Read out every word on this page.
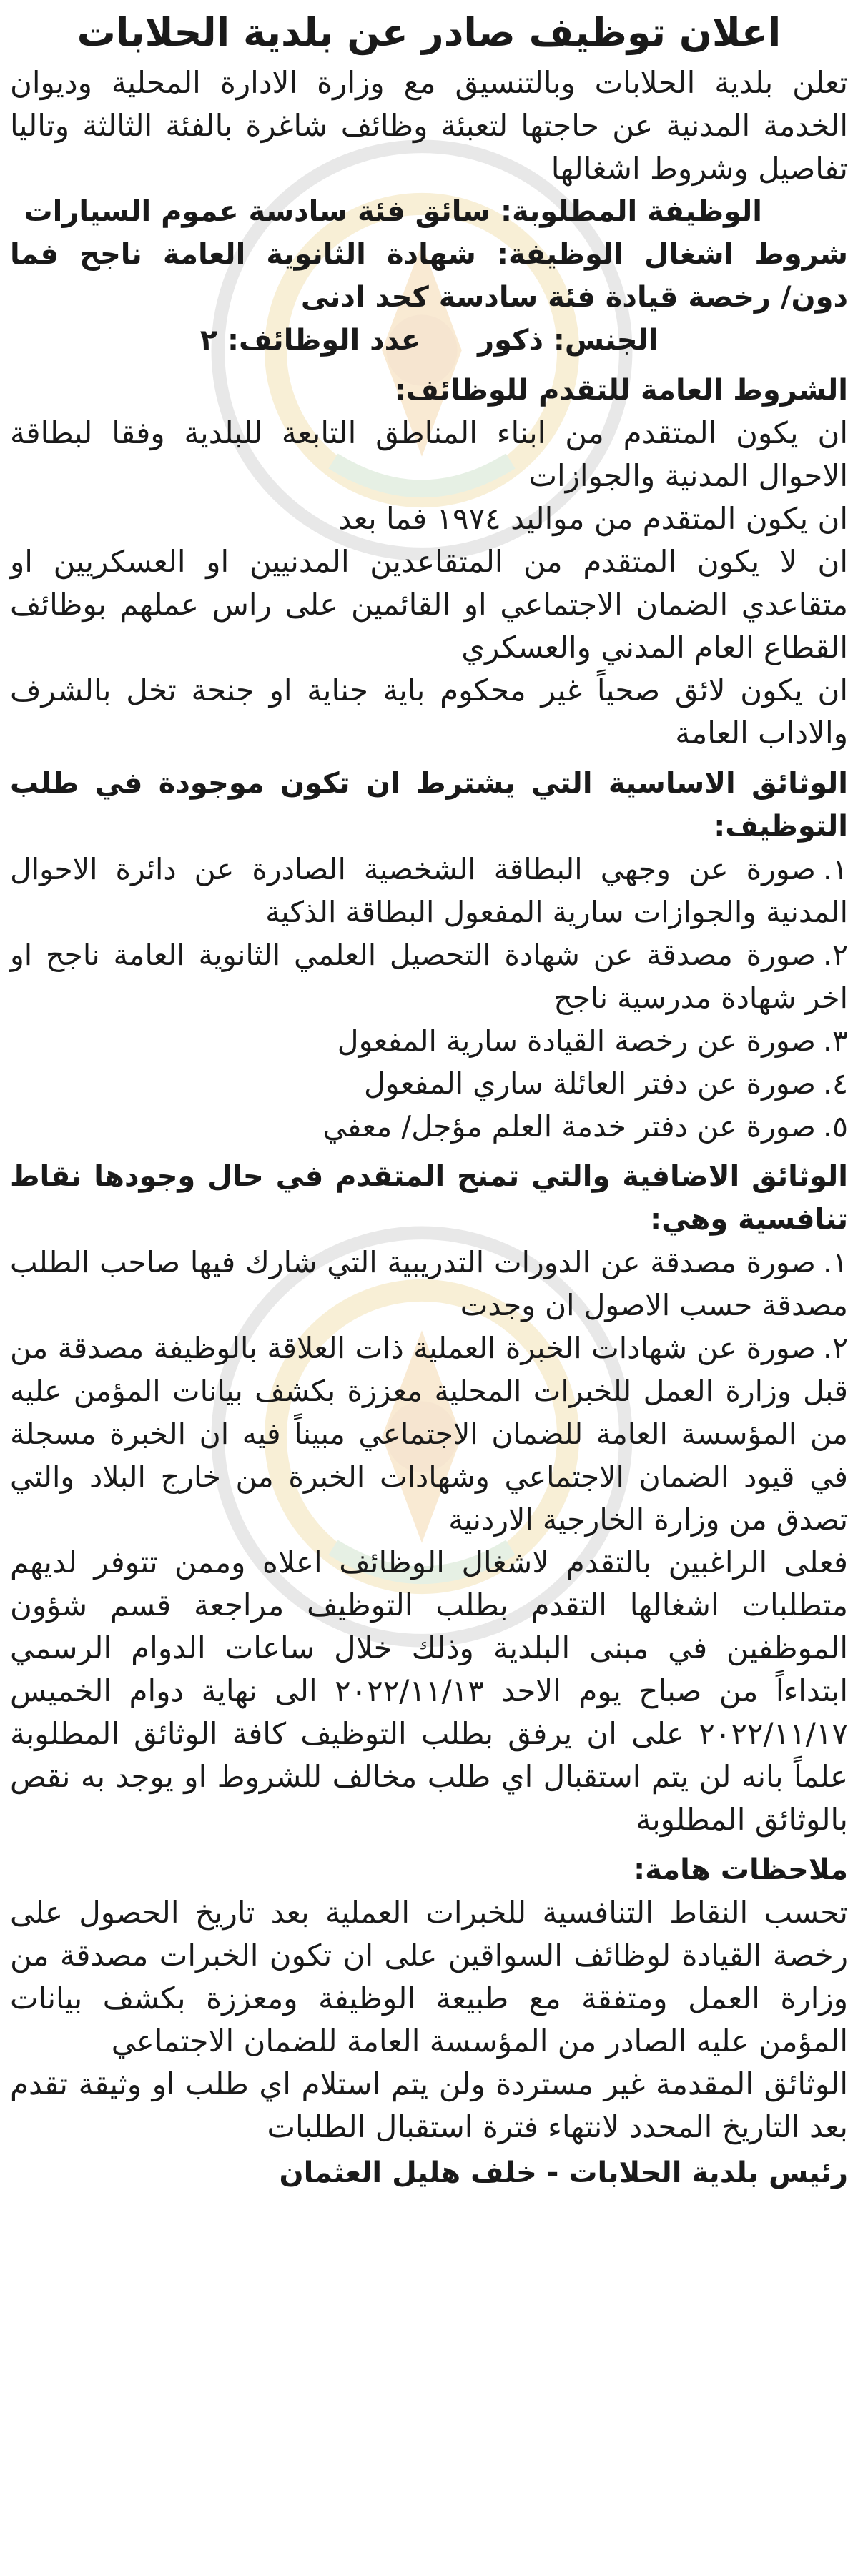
اعلان توظيف صادر عن بلدية الحلابات

تعلن بلدية الحلابات وبالتنسيق مع وزارة الادارة المحلية وديوان الخدمة المدنية عن حاجتها لتعبئة وظائف شاغرة بالفئة الثالثة وتاليا تفاصيل وشروط اشغالها

الوظيفة المطلوبة: سائق فئة سادسة عموم السيارات

شروط اشغال الوظيفة: شهادة الثانوية العامة ناجح فما دون/ رخصة قيادة فئة سادسة كحد ادنى

الجنس: ذكور
عدد الوظائف: ٢
الشروط العامة للتقدم للوظائف:

ان يكون المتقدم من ابناء المناطق التابعة للبلدية وفقا لبطاقة الاحوال المدنية والجوازات

ان يكون المتقدم من مواليد ١٩٧٤ فما بعد

ان لا يكون المتقدم من المتقاعدين المدنيين او العسكريين او متقاعدي الضمان الاجتماعي او القائمين على راس عملهم بوظائف القطاع العام المدني والعسكري

ان يكون لائق صحياً غير محكوم باية جناية او جنحة تخل بالشرف والاداب العامة

الوثائق الاساسية التي يشترط ان تكون موجودة في طلب التوظيف:
١.صورة عن وجهي البطاقة الشخصية الصادرة عن دائرة الاحوال المدنية والجوازات سارية المفعول البطاقة الذكية
٢.صورة مصدقة عن شهادة التحصيل العلمي الثانوية العامة ناجح او اخر شهادة مدرسية ناجح
٣.صورة عن رخصة القيادة سارية المفعول
٤.صورة عن دفتر العائلة ساري المفعول
٥.صورة عن دفتر خدمة العلم مؤجل/ معفي
الوثائق الاضافية والتي تمنح المتقدم في حال وجودها نقاط تنافسية وهي:
١.صورة مصدقة عن الدورات التدريبية التي شارك فيها صاحب الطلب مصدقة حسب الاصول ان وجدت
٢.صورة عن شهادات الخبرة العملية ذات العلاقة بالوظيفة مصدقة من قبل وزارة العمل للخبرات المحلية معززة بكشف بيانات المؤمن عليه من المؤسسة العامة للضمان الاجتماعي مبيناً فيه ان الخبرة مسجلة في قيود الضمان الاجتماعي وشهادات الخبرة من خارج البلاد والتي تصدق من وزارة الخارجية الاردنية

فعلى الراغبين بالتقدم لاشغال الوظائف اعلاه وممن تتوفر لديهم متطلبات اشغالها التقدم بطلب التوظيف مراجعة قسم شؤون الموظفين في مبنى البلدية وذلك خلال ساعات الدوام الرسمي ابتداءاً من صباح يوم الاحد ٢٠٢٢/١١/١٣ الى نهاية دوام الخميس ٢٠٢٢/١١/١٧ على ان يرفق بطلب التوظيف كافة الوثائق المطلوبة علماً بانه لن يتم استقبال اي طلب مخالف للشروط او يوجد به نقص بالوثائق المطلوبة

ملاحظات هامة:

تحسب النقاط التنافسية للخبرات العملية بعد تاريخ الحصول على رخصة القيادة لوظائف السواقين على ان تكون الخبرات مصدقة من وزارة العمل ومتفقة مع طبيعة الوظيفة ومعززة بكشف بيانات المؤمن عليه الصادر من المؤسسة العامة للضمان الاجتماعي

الوثائق المقدمة غير مستردة ولن يتم استلام اي طلب او وثيقة تقدم بعد التاريخ المحدد لانتهاء فترة استقبال الطلبات

رئيس بلدية الحلابات - خلف هليل العثمان
